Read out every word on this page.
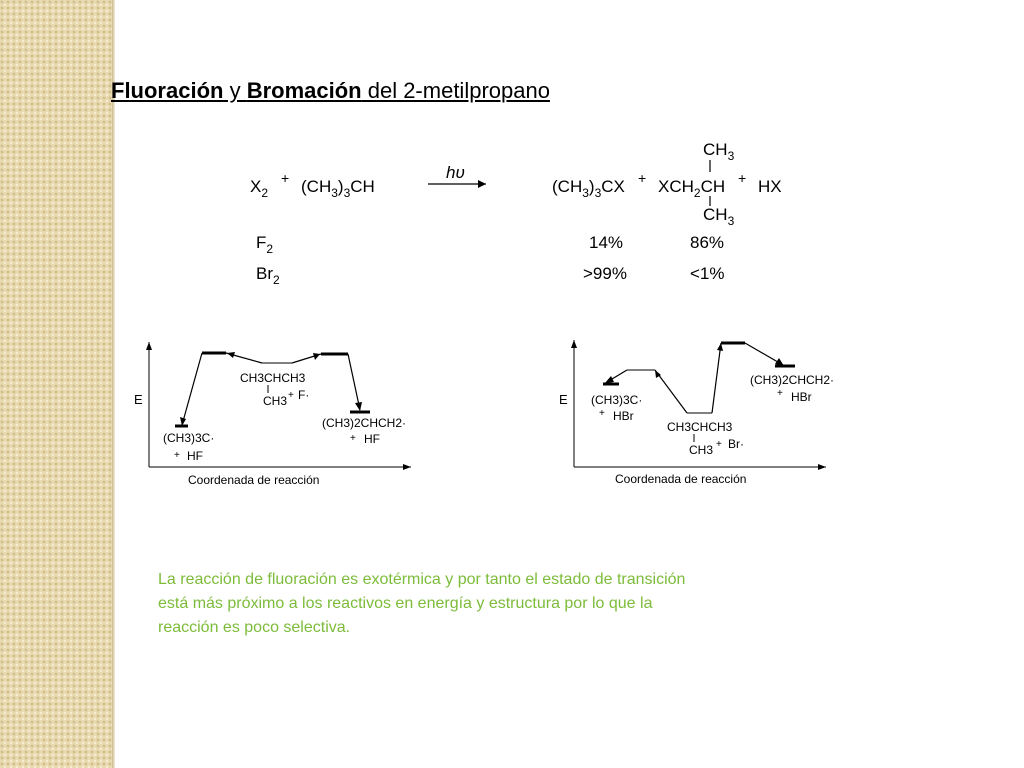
Fluoración y Bromación del 2-metilpropano
$X_2$
+ $(CH_3)_3CH$
hυ
$(CH_3)_3CX + XCH_2CH$
$CH_3$
$CH_3$
+ HX
$F_2$	14%	86%
$Br_2$	>99%	<1%
E
Coordenada de reacción
CH3CHCH3
CH3 + F·
(CH3)3C·
+ HF
(CH3)2CHCH2·
+ HF
E
Coordenada de reacción
(CH3)3C·
+ HBr
CH3CHCH3
CH3 + Br·
(CH3)2CHCH2·
+ HBr
La reacción de fluoración es exotérmica y por tanto el estado de transición
está más próximo a los reactivos en energía y estructura por lo que la
reacción es poco selectiva.
